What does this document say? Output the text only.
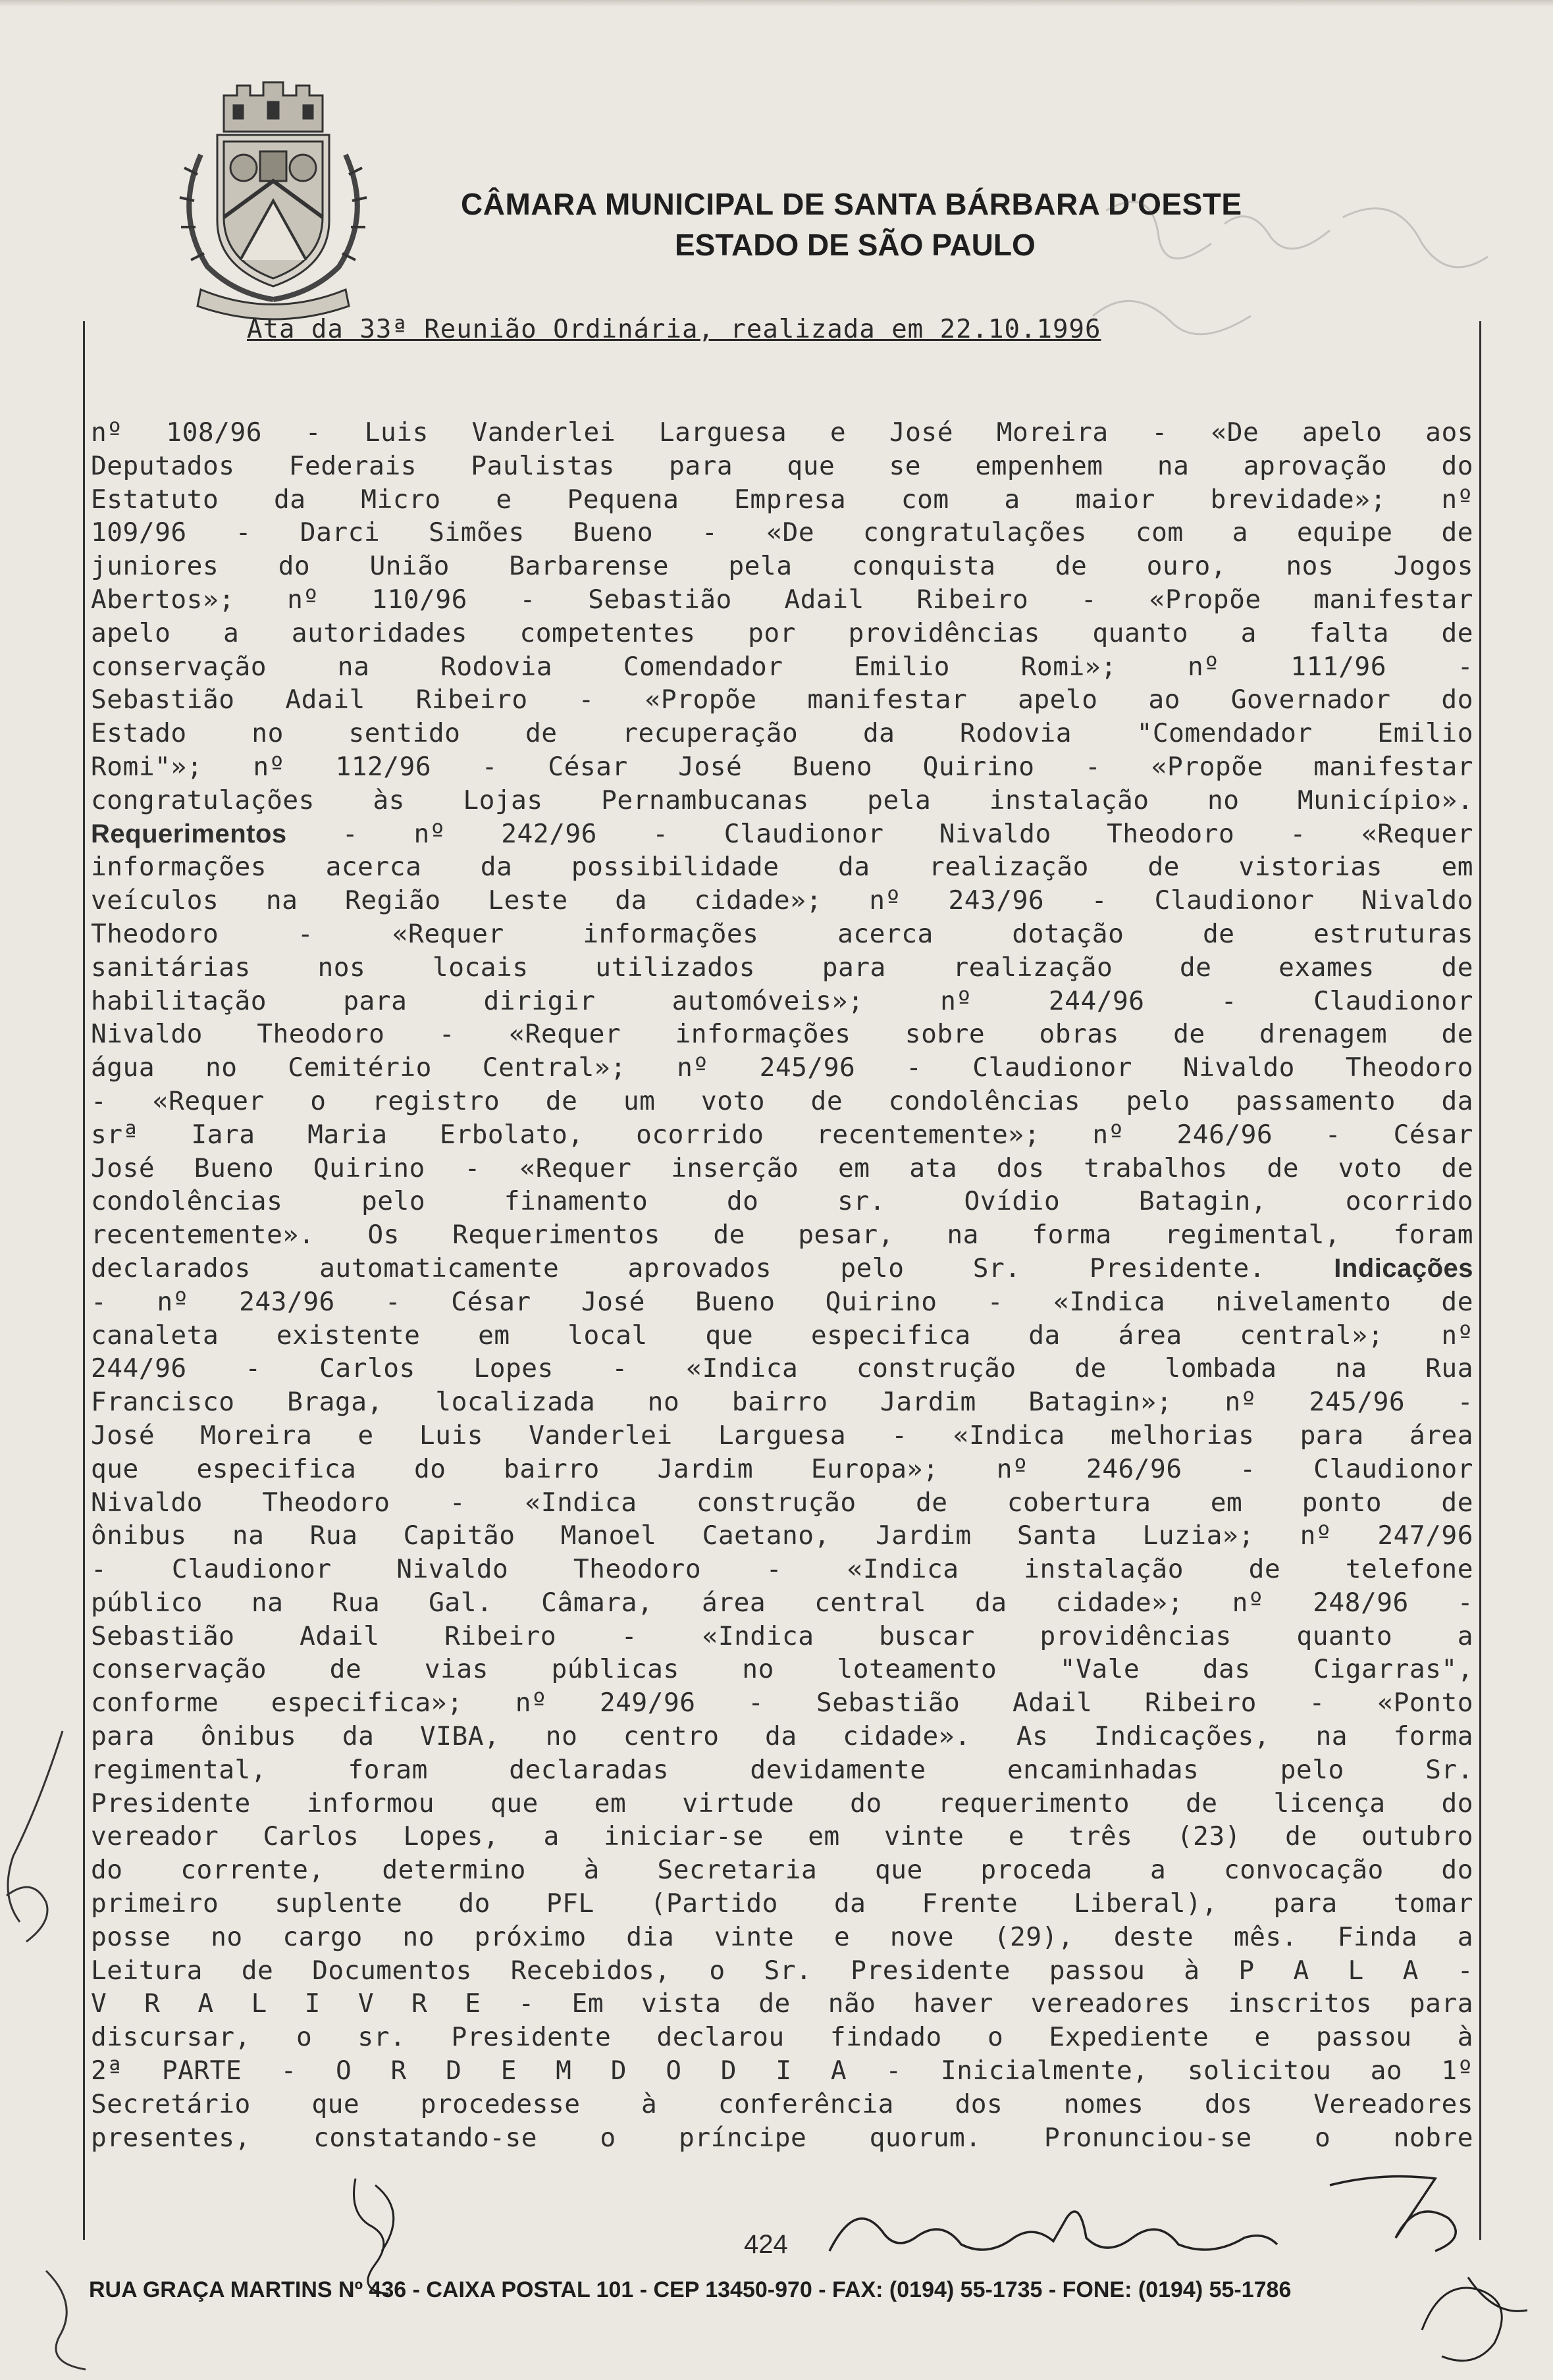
CÂMARA MUNICIPAL DE SANTA BÁRBARA D'OESTE
ESTADO DE SÃO PAULO
Ata da 33ª Reunião Ordinária, realizada em 22.10.1996
nº 108/96 - Luis Vanderlei Larguesa e José Moreira - «De apelo aos
Deputados Federais Paulistas para que se empenhem na aprovação do
Estatuto da Micro e Pequena Empresa com a maior brevidade»; nº
109/96 - Darci Simões Bueno - «De congratulações com a equipe de
juniores do União Barbarense pela conquista de ouro, nos Jogos
Abertos»; nº 110/96 - Sebastião Adail Ribeiro - «Propõe manifestar
apelo a autoridades competentes por providências quanto a falta de
conservação na Rodovia Comendador Emilio Romi»; nº 111/96 -
Sebastião Adail Ribeiro - «Propõe manifestar apelo ao Governador do
Estado no sentido de recuperação da Rodovia "Comendador Emilio
Romi"»; nº 112/96 - César José Bueno Quirino - «Propõe manifestar
congratulações às Lojas Pernambucanas pela instalação no Município».
Requerimentos - nº 242/96 - Claudionor Nivaldo Theodoro - «Requer
informações acerca da possibilidade da realização de vistorias em
veículos na Região Leste da cidade»; nº 243/96 - Claudionor Nivaldo
Theodoro - «Requer informações acerca dotação de estruturas
sanitárias nos locais utilizados para realização de exames de
habilitação para dirigir automóveis»; nº 244/96 - Claudionor
Nivaldo Theodoro - «Requer informações sobre obras de drenagem de
água no Cemitério Central»; nº 245/96 - Claudionor Nivaldo Theodoro
- «Requer o registro de um voto de condolências pelo passamento da
srª Iara Maria Erbolato, ocorrido recentemente»; nº 246/96 - César
José Bueno Quirino - «Requer inserção em ata dos trabalhos de voto de
condolências pelo finamento do sr. Ovídio Batagin, ocorrido
recentemente». Os Requerimentos de pesar, na forma regimental, foram
declarados automaticamente aprovados pelo Sr. Presidente. Indicações
- nº 243/96 - César José Bueno Quirino - «Indica nivelamento de
canaleta existente em local que especifica da área central»; nº
244/96 - Carlos Lopes - «Indica construção de lombada na Rua
Francisco Braga, localizada no bairro Jardim Batagin»; nº 245/96 -
José Moreira e Luis Vanderlei Larguesa - «Indica melhorias para área
que especifica do bairro Jardim Europa»; nº 246/96 - Claudionor
Nivaldo Theodoro - «Indica construção de cobertura em ponto de
ônibus na Rua Capitão Manoel Caetano, Jardim Santa Luzia»; nº 247/96
- Claudionor Nivaldo Theodoro - «Indica instalação de telefone
público na Rua Gal. Câmara, área central da cidade»; nº 248/96 -
Sebastião Adail Ribeiro - «Indica buscar providências quanto a
conservação de vias públicas no loteamento "Vale das Cigarras",
conforme especifica»; nº 249/96 - Sebastião Adail Ribeiro - «Ponto
para ônibus da VIBA, no centro da cidade». As Indicações, na forma
regimental, foram declaradas devidamente encaminhadas pelo Sr.
Presidente informou que em virtude do requerimento de licença do
vereador Carlos Lopes, a iniciar-se em vinte e três (23) de outubro
do corrente, determino à Secretaria que proceda a convocação do
primeiro suplente do PFL (Partido da Frente Liberal), para tomar
posse no cargo no próximo dia vinte e nove (29), deste mês. Finda a
Leitura de Documentos Recebidos, o Sr. Presidente passou à P A L A -
V R A L I V R E - Em vista de não haver vereadores inscritos para
discursar, o sr. Presidente declarou findado o Expediente e passou à
2ª PARTE - O R D E M D O D I A - Inicialmente, solicitou ao 1º
Secretário que procedesse à conferência dos nomes dos Vereadores
presentes, constatando-se o príncipe quorum. Pronunciou-se o nobre
424
RUA GRAÇA MARTINS Nº 436 - CAIXA POSTAL 101 - CEP 13450-970 - FAX: (0194) 55-1735 - FONE: (0194) 55-1786
